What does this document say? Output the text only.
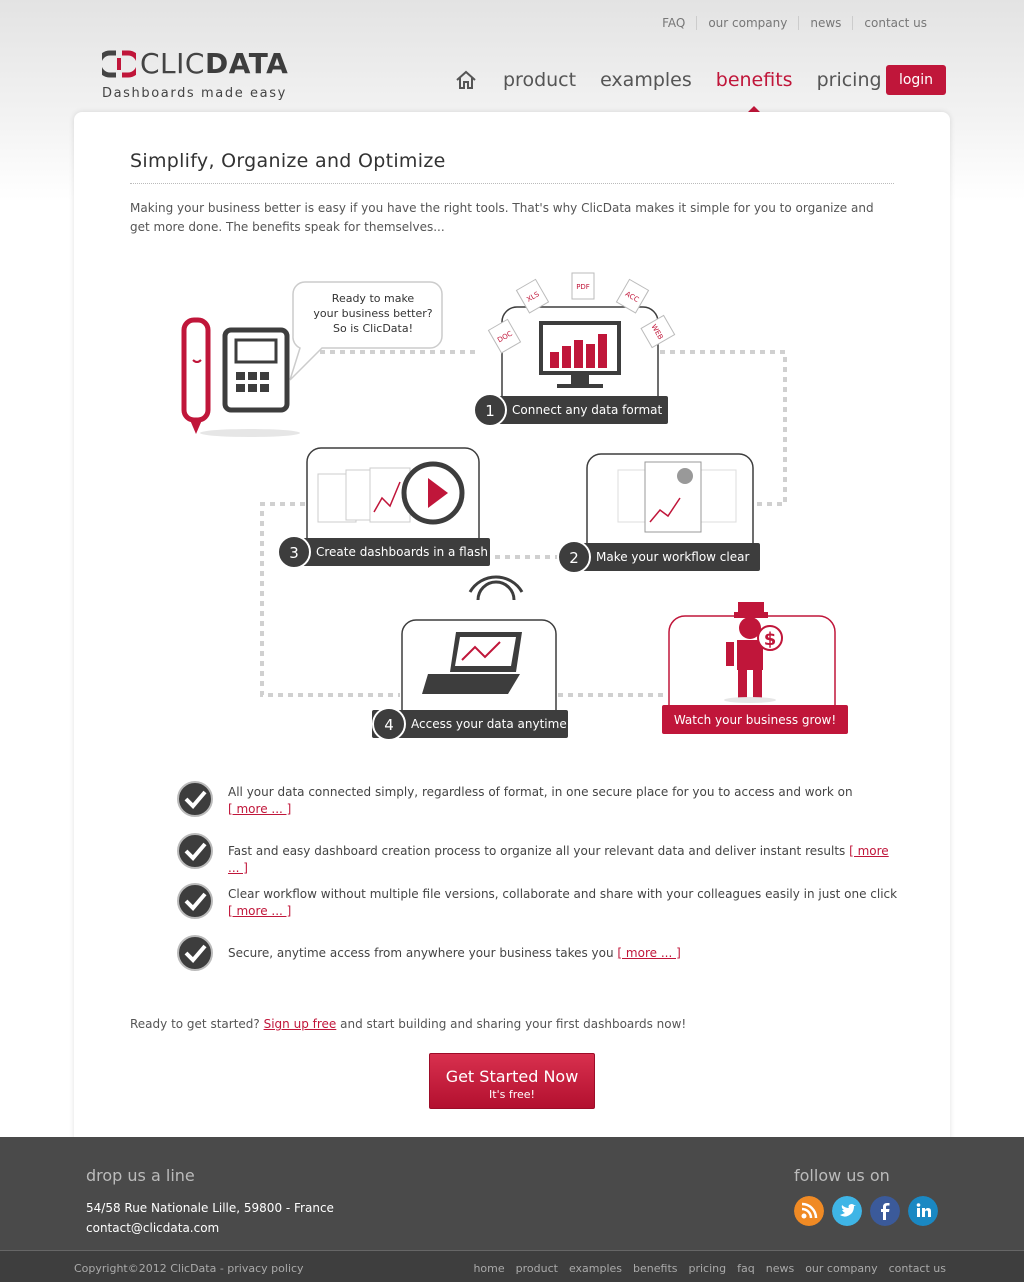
FAQ	our company	news	contact us
CLICDATA
Dashboards made easy
product examples benefits pricing	login
Simplify, Organize and Optimize

Making your business better is easy if you have the right tools. That's why ClicData makes it simple for you to organize and get more done. The benefits speak for themselves...

Ready to make
your business better?
So is ClicData!
DOC
XLS
PDF
ACC
WEB
1 Connect any data format
3 Create dashboards in a flash	2 Make your workflow clear
4 Access your data anytime
$
Watch your business grow!
All your data connected simply, regardless of format, in one secure place for you to access and work on
[ more ... ]
Fast and easy dashboard creation process to organize all your relevant data and deliver instant results [ more ... ]
Clear workflow without multiple file versions, collaborate and share with your colleagues easily in just one click
[ more ... ]
Secure, anytime access from anywhere your business takes you [ more ... ]
Ready to get started? Sign up free and start building and sharing your first dashboards now!
Get Started Now
It's free!
drop us a line
54/58 Rue Nationale Lille, 59800 - France
contact@clicdata.com
follow us on
Copyright©2012 ClicData - privacy policy	home product examples benefits pricing faq news our company contact us
